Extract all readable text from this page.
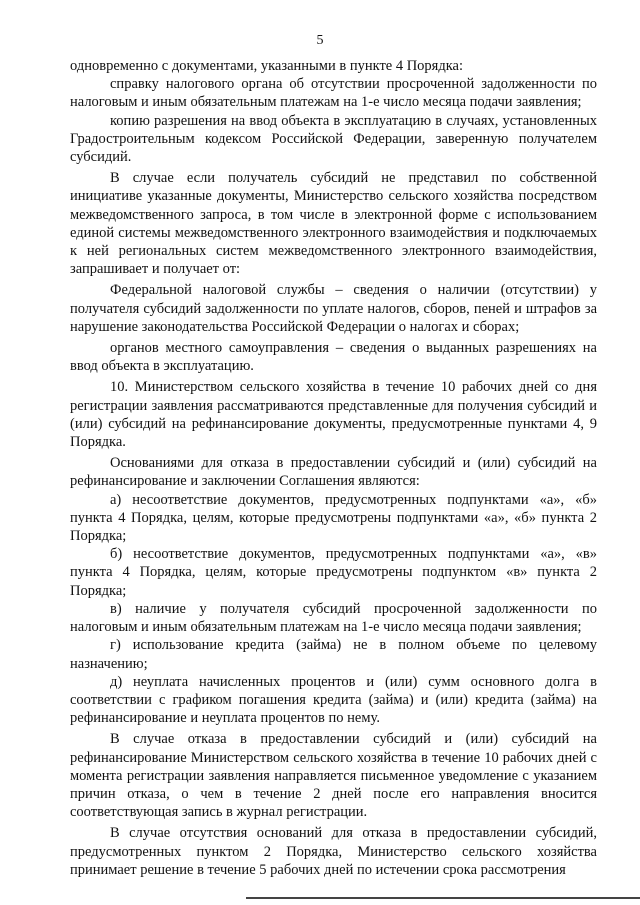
5

одновременно с документами, указанными в пункте 4 Порядка:

справку налогового органа об отсутствии просроченной задолженности по налоговым и иным обязательным платежам на 1-е число месяца подачи заявления;

копию разрешения на ввод объекта в эксплуатацию в случаях, установленных Градостроительным кодексом Российской Федерации, заверенную получателем субсидий.

В случае если получатель субсидий не представил по собственной инициативе указанные документы, Министерство сельского хозяйства посредством межведомственного запроса, в том числе в электронной форме с использованием единой системы межведомственного электронного взаимодействия и подключаемых к ней региональных систем межведомственного электронного взаимодействия, запрашивает и получает от:

Федеральной налоговой службы – сведения о наличии (отсутствии) у получателя субсидий задолженности по уплате налогов, сборов, пеней и штрафов за нарушение законодательства Российской Федерации о налогах и сборах;

органов местного самоуправления – сведения о выданных разрешениях на ввод объекта в эксплуатацию.

10. Министерством сельского хозяйства в течение 10 рабочих дней со дня регистрации заявления рассматриваются представленные для получения субсидий и (или) субсидий на рефинансирование документы, предусмотренные пунктами 4, 9 Порядка.

Основаниями для отказа в предоставлении субсидий и (или) субсидий на рефинансирование и заключении Соглашения являются:

а) несоответствие документов, предусмотренных подпунктами «а», «б» пункта 4 Порядка, целям, которые предусмотрены подпунктами «а», «б» пункта 2 Порядка;

б) несоответствие документов, предусмотренных подпунктами «а», «в» пункта 4 Порядка, целям, которые предусмотрены подпунктом «в» пункта 2 Порядка;

в) наличие у получателя субсидий просроченной задолженности по налоговым и иным обязательным платежам на 1-е число месяца подачи заявления;

г) использование кредита (займа) не в полном объеме по целевому назначению;

д) неуплата начисленных процентов и (или) сумм основного долга в соответствии с графиком погашения кредита (займа) и (или) кредита (займа) на рефинансирование и неуплата процентов по нему.

В случае отказа в предоставлении субсидий и (или) субсидий на рефинансирование Министерством сельского хозяйства в течение 10 рабочих дней с момента регистрации заявления направляется письменное уведомление с указанием причин отказа, о чем в течение 2 дней после его направления вносится соответствующая запись в журнал регистрации.

В случае отсутствия оснований для отказа в предоставлении субсидий, предусмотренных пунктом 2 Порядка, Министерство сельского хозяйства принимает решение в течение 5 рабочих дней по истечении срока рассмотрения
